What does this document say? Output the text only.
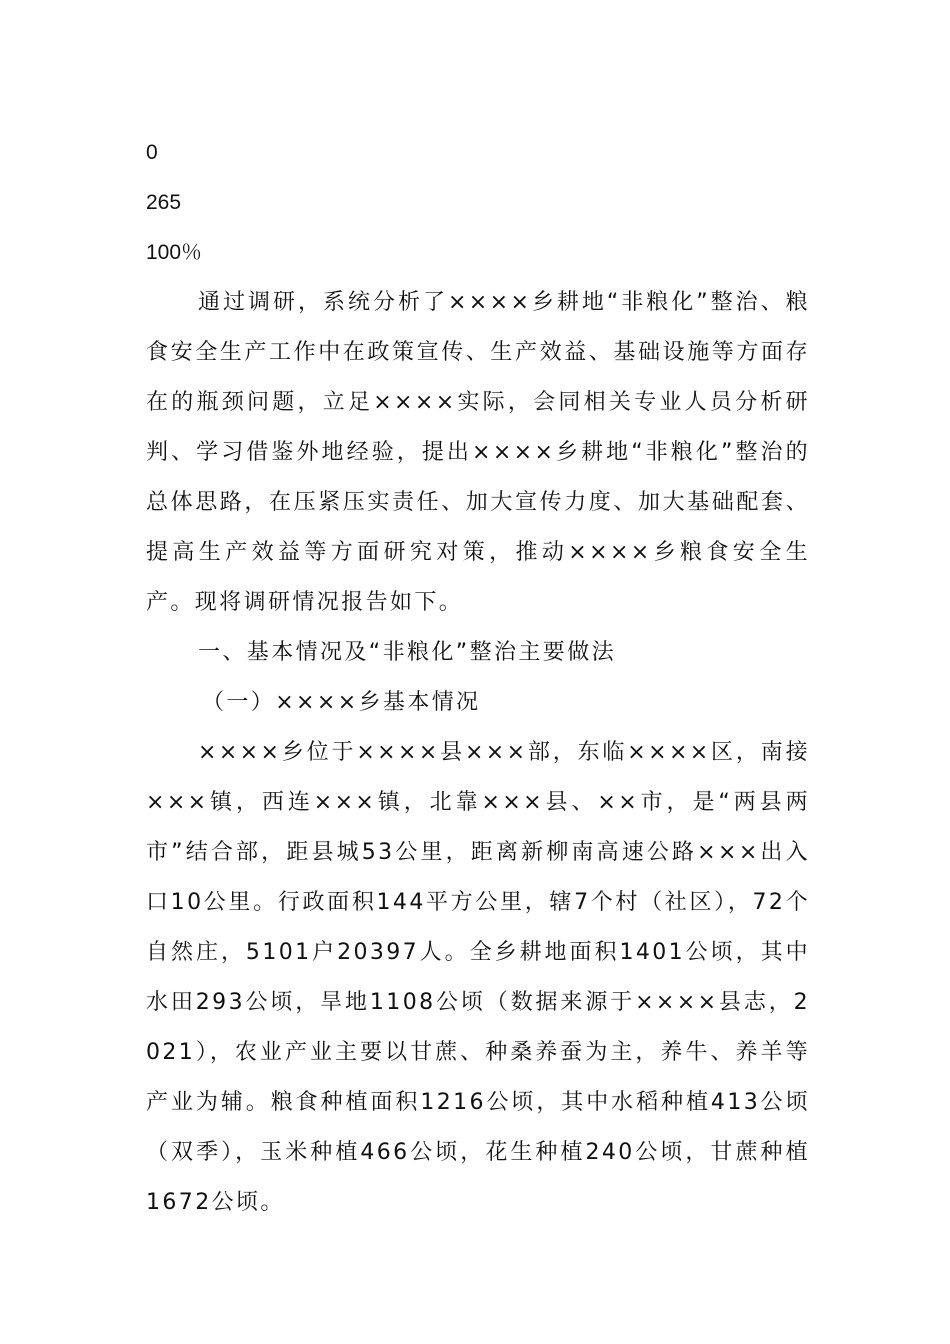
0
265
100％

通过调研，系统分析了××××乡耕地“非粮化”整治、粮食安全生产工作中在政策宣传、生产效益、基础设施等方面存在的瓶颈问题，立足××××实际，会同相关专业人员分析研判、学习借鉴外地经验，提出××××乡耕地“非粮化”整治的总体思路，在压紧压实责任、加大宣传力度、加大基础配套、提高生产效益等方面研究对策，推动××××乡粮食安全生产。现将调研情况报告如下。

一、基本情况及“非粮化”整治主要做法

（一）××××乡基本情况

××××乡位于××××县×××部，东临××××区，南接×××镇，西连×××镇，北靠×××县、××市，是“两县两市”结合部，距县城53公里，距离新柳南高速公路×××出入口10公里。行政面积144平方公里，辖7个村（社区），72个自然庄，5101户20397人。全乡耕地面积1401公顷，其中水田293公顷，旱地1108公顷（数据来源于××××县志，2021），农业产业主要以甘蔗、种桑养蚕为主，养牛、养羊等产业为辅。粮食种植面积1216公顷，其中水稻种植413公顷（双季），玉米种植466公顷，花生种植240公顷，甘蔗种植1672公顷。
